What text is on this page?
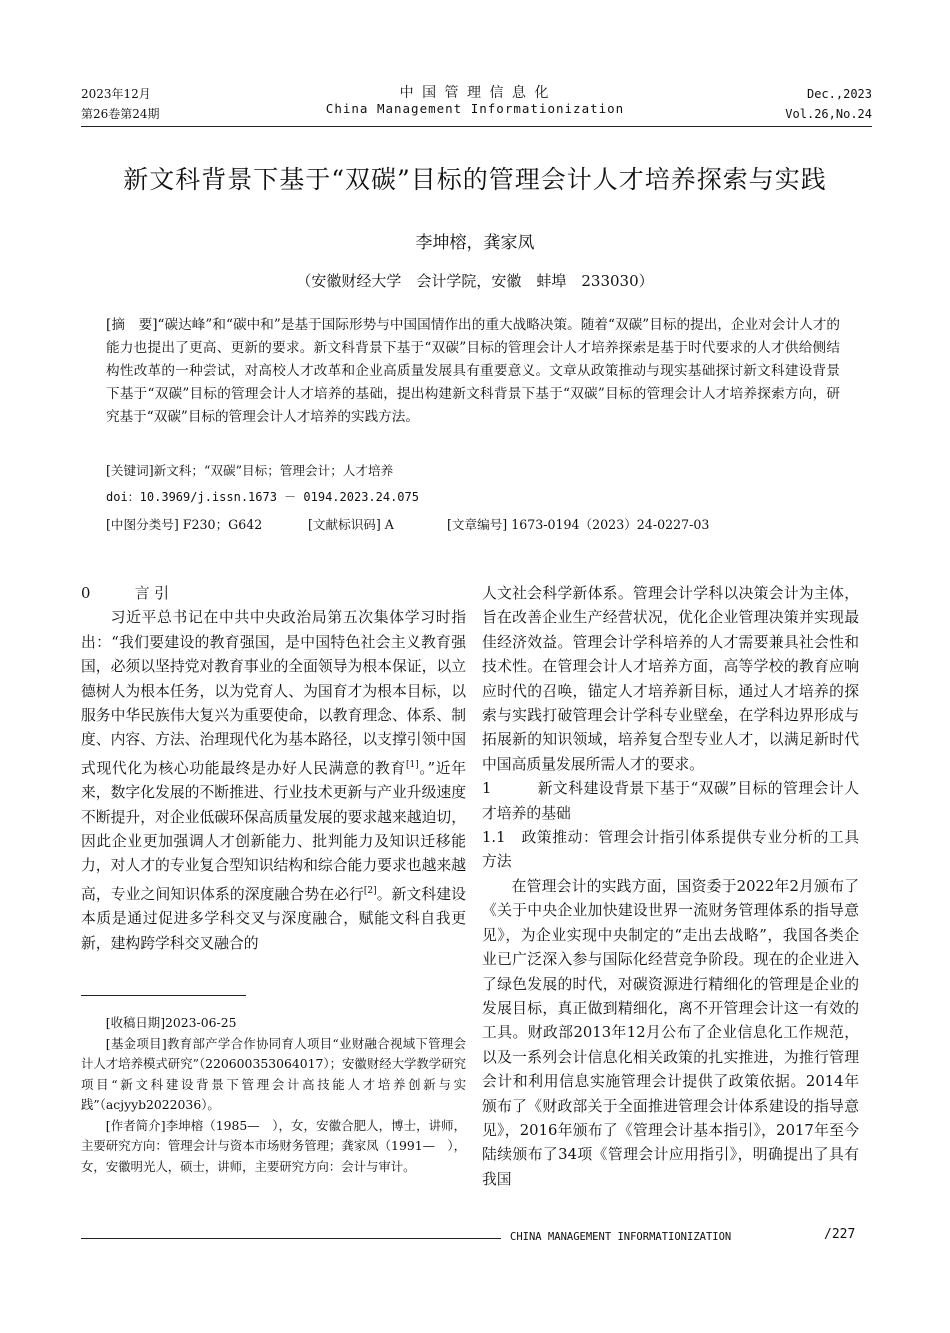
2023年12月
第26卷第24期
中 国 管 理 信 息 化
China Management Informationization
Dec.,2023
Vol.26,No.24
新文科背景下基于“双碳”目标的管理会计人才培养探索与实践
李坤榕，龚家凤
（安徽财经大学　会计学院，安徽　蚌埠　233030）
[摘　要]“碳达峰”和“碳中和”是基于国际形势与中国国情作出的重大战略决策。随着“双碳”目标的提出，企业对会计人才的能力也提出了更高、更新的要求。新文科背景下基于“双碳”目标的管理会计人才培养探索是基于时代要求的人才供给侧结构性改革的一种尝试，对高校人才改革和企业高质量发展具有重要意义。文章从政策推动与现实基础探讨新文科建设背景下基于“双碳”目标的管理会计人才培养的基础，提出构建新文科背景下基于“双碳”目标的管理会计人才培养探索方向，研究基于“双碳”目标的管理会计人才培养的实践方法。
[关键词]新文科；“双碳”目标；管理会计；人才培养
doi：10.3969/j.issn.1673 － 0194.2023.24.075
[中图分类号] F230；G642	[文献标识码] A	[文章编号] 1673-0194（2023）24-0227-03

0　　　言 引

习近平总书记在中共中央政治局第五次集体学习时指出：“我们要建设的教育强国，是中国特色社会主义教育强国，必须以坚持党对教育事业的全面领导为根本保证，以立德树人为根本任务，以为党育人、为国育才为根本目标，以服务中华民族伟大复兴为重要使命，以教育理念、体系、制度、内容、方法、治理现代化为基本路径，以支撑引领中国式现代化为核心功能最终是办好人民满意的教育[1]。”近年来，数字化发展的不断推进、行业技术更新与产业升级速度不断提升，对企业低碳环保高质量发展的要求越来越迫切，因此企业更加强调人才创新能力、批判能力及知识迁移能力，对人才的专业复合型知识结构和综合能力要求也越来越高，专业之间知识体系的深度融合势在必行[2]。新文科建设本质是通过促进多学科交叉与深度融合，赋能文科自我更新，建构跨学科交叉融合的

[收稿日期]2023-06-25

[基金项目]教育部产学合作协同育人项目“业财融合视域下管理会计人才培养模式研究”（220600353064017）；安徽财经大学教学研究项目“新文科建设背景下管理会计高技能人才培养创新与实践”（acjyyb2022036）。

[作者简介]李坤榕（1985—　），女，安徽合肥人，博士，讲师，主要研究方向：管理会计与资本市场财务管理；龚家凤（1991—　），女，安徽明光人，硕士，讲师，主要研究方向：会计与审计。

人文社会科学新体系。管理会计学科以决策会计为主体，旨在改善企业生产经营状况，优化企业管理决策并实现最佳经济效益。管理会计学科培养的人才需要兼具社会性和技术性。在管理会计人才培养方面，高等学校的教育应响应时代的召唤，锚定人才培养新目标，通过人才培养的探索与实践打破管理会计学科专业壁垒，在学科边界形成与拓展新的知识领域，培养复合型专业人才，以满足新时代中国高质量发展所需人才的要求。

1　　　新文科建设背景下基于“双碳”目标的管理会计人才培养的基础

1.1　政策推动：管理会计指引体系提供专业分析的工具方法

在管理会计的实践方面，国资委于2022年2月颁布了《关于中央企业加快建设世界一流财务管理体系的指导意见》，为企业实现中央制定的“走出去战略”，我国各类企业已广泛深入参与国际化经营竞争阶段。现在的企业进入了绿色发展的时代，对碳资源进行精细化的管理是企业的发展目标，真正做到精细化，离不开管理会计这一有效的工具。财政部2013年12月公布了企业信息化工作规范，以及一系列会计信息化相关政策的扎实推进，为推行管理会计和利用信息实施管理会计提供了政策依据。2014年颁布了《财政部关于全面推进管理会计体系建设的指导意见》，2016年颁布了《管理会计基本指引》，2017年至今陆续颁布了34项《管理会计应用指引》，明确提出了具有我国

CHINA MANAGEMENT INFORMATIONIZATION	/227
